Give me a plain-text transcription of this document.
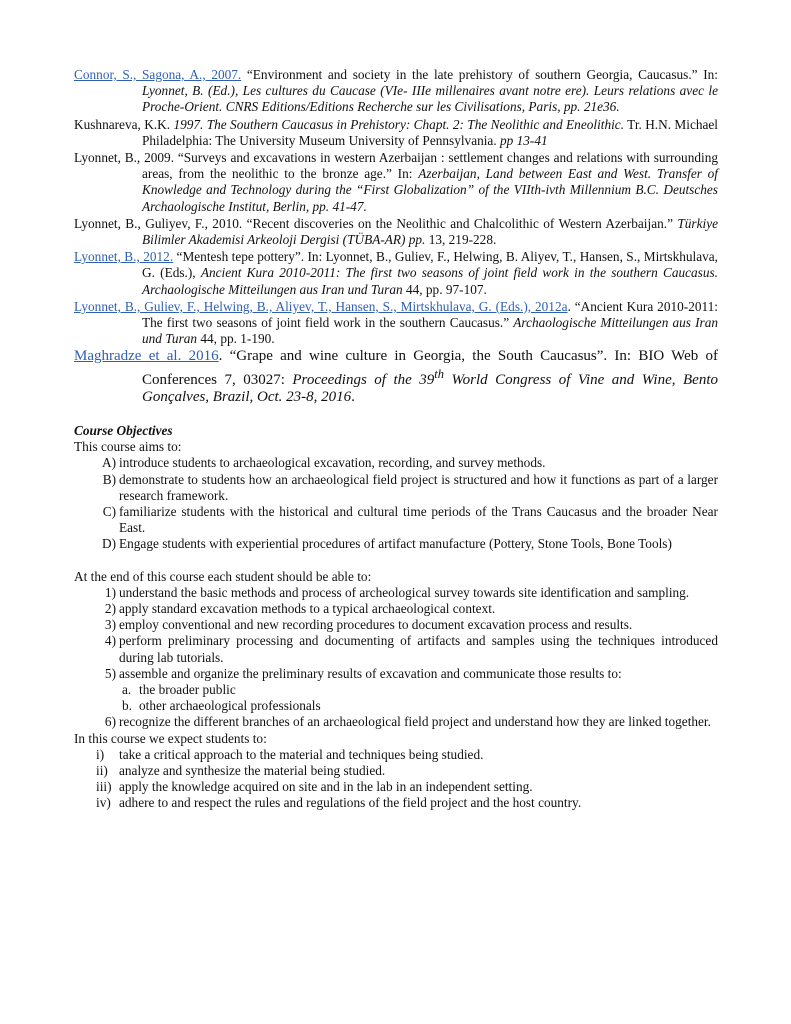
Connor, S., Sagona, A., 2007. “Environment and society in the late prehistory of southern Georgia, Caucasus.” In: Lyonnet, B. (Ed.), Les cultures du Caucase (VIe- IIIe millenaires avant notre ere). Leurs relations avec le Proche-Orient. CNRS Editions/Editions Recherche sur les Civilisations, Paris, pp. 21e36.

Kushnareva, K.K. 1997. The Southern Caucasus in Prehistory: Chapt. 2: The Neolithic and Eneolithic. Tr. H.N. Michael Philadelphia: The University Museum University of Pennsylvania. pp 13-41

Lyonnet, B., 2009. “Surveys and excavations in western Azerbaijan : settlement changes and relations with surrounding areas, from the neolithic to the bronze age.” In: Azerbaijan, Land between East and West. Transfer of Knowledge and Technology during the “First Globalization” of the VIIth-ivth Millennium B.C. Deutsches Archaologische Institut, Berlin, pp. 41-47.

Lyonnet, B., Guliyev, F., 2010. “Recent discoveries on the Neolithic and Chalcolithic of Western Azerbaijan.” Türkiye Bilimler Akademisi Arkeoloji Dergisi (TÜBA-AR) pp. 13, 219-228.

Lyonnet, B., 2012. “Mentesh tepe pottery”. In: Lyonnet, B., Guliev, F., Helwing, B. Aliyev, T., Hansen, S., Mirtskhulava, G. (Eds.), Ancient Kura 2010-2011: The first two seasons of joint field work in the southern Caucasus. Archaologische Mitteilungen aus Iran und Turan 44, pp. 97-107.

Lyonnet, B., Guliev, F., Helwing, B., Aliyev, T., Hansen, S., Mirtskhulava, G. (Eds.), 2012a. “Ancient Kura 2010-2011: The first two seasons of joint field work in the southern Caucasus.” Archaologische Mitteilungen aus Iran und Turan 44, pp. 1-190.

Maghradze et al. 2016. “Grape and wine culture in Georgia, the South Caucasus”. In: BIO Web of Conferences 7, 03027: Proceedings of the 39th World Congress of Vine and Wine, Bento Gonçalves, Brazil, Oct. 23-8, 2016.

Course Objectives

This course aims to:

A) introduce students to archaeological excavation, recording, and survey methods.
B) demonstrate to students how an archaeological field project is structured and how it functions as part of a larger research framework.
C) familiarize students with the historical and cultural time periods of the Trans Caucasus and the broader Near East.
D) Engage students with experiential procedures of artifact manufacture (Pottery, Stone Tools, Bone Tools)

At the end of this course each student should be able to:

1) understand the basic methods and process of archeological survey towards site identification and sampling.
2) apply standard excavation methods to a typical archaeological context.
3) employ conventional and new recording procedures to document excavation process and results.
4) perform preliminary processing and documenting of artifacts and samples using the techniques introduced during lab tutorials.
5) assemble and organize the preliminary results of excavation and communicate those results to:
a. the broader public
b. other archaeological professionals
6) recognize the different branches of an archaeological field project and understand how they are linked together.

In this course we expect students to:

i)	take a critical approach to the material and techniques being studied.
ii) analyze and synthesize the material being studied.
iii) apply the knowledge acquired on site and in the lab in an independent setting.
iv) adhere to and respect the rules and regulations of the field project and the host country.
